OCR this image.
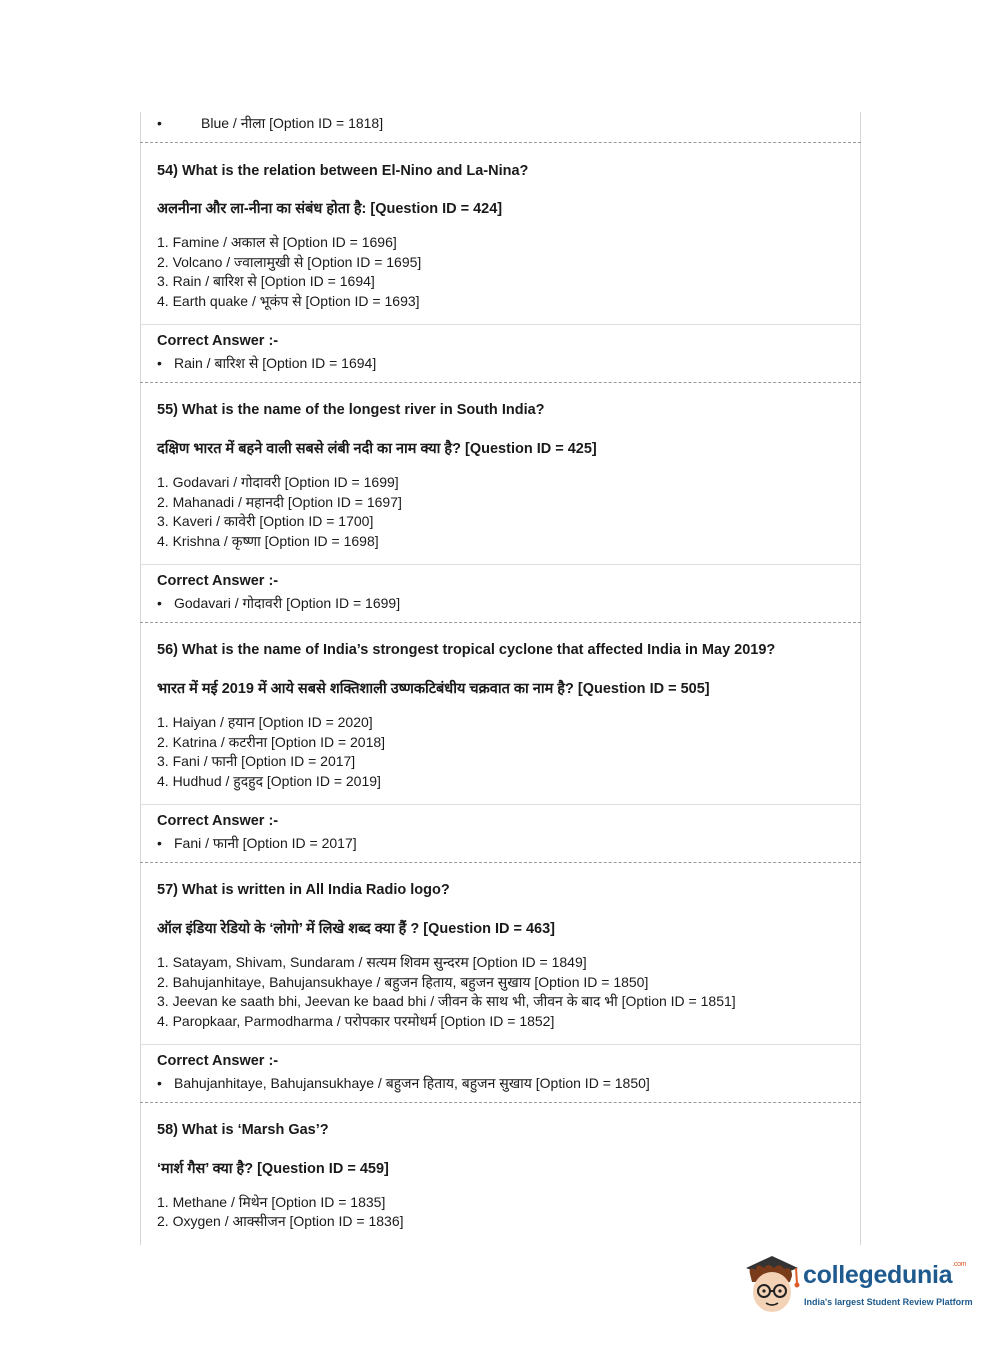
•	Blue / नीला [Option ID = 1818]
54) What is the relation between El-Nino and La-Nina?
अलनीना और ला-नीना का संबंध होता है: [Question ID = 424]
1. Famine / अकाल से [Option ID = 1696]
2. Volcano / ज्वालामुखी से [Option ID = 1695]
3. Rain / बारिश से [Option ID = 1694]
4. Earth quake / भूकंप से [Option ID = 1693]
Correct Answer :-
• Rain / बारिश से [Option ID = 1694]
55) What is the name of the longest river in South India?
दक्षिण भारत में बहने वाली सबसे लंबी नदी का नाम क्या है? [Question ID = 425]
1. Godavari / गोदावरी [Option ID = 1699]
2. Mahanadi / महानदी [Option ID = 1697]
3. Kaveri / कावेरी [Option ID = 1700]
4. Krishna / कृष्णा [Option ID = 1698]
Correct Answer :-
• Godavari / गोदावरी [Option ID = 1699]
56) What is the name of India’s strongest tropical cyclone that affected India in May 2019?
भारत में मई 2019 में आये सबसे शक्तिशाली उष्णकटिबंधीय चक्रवात का नाम है? [Question ID = 505]
1. Haiyan / हयान [Option ID = 2020]
2. Katrina / कटरीना [Option ID = 2018]
3. Fani / फानी [Option ID = 2017]
4. Hudhud / हुदहुद [Option ID = 2019]
Correct Answer :-
• Fani / फानी [Option ID = 2017]
57) What is written in All India Radio logo?
ऑल इंडिया रेडियो के ‘लोगो’ में लिखे शब्द क्या हैं ? [Question ID = 463]
1. Satayam, Shivam, Sundaram / सत्यम शिवम सुन्दरम [Option ID = 1849]
2. Bahujanhitaye, Bahujansukhaye / बहुजन हिताय, बहुजन सुखाय [Option ID = 1850]
3. Jeevan ke saath bhi, Jeevan ke baad bhi / जीवन के साथ भी, जीवन के बाद भी [Option ID = 1851]
4. Paropkaar, Parmodharma / परोपकार परमोधर्म [Option ID = 1852]
Correct Answer :-
• Bahujanhitaye, Bahujansukhaye / बहुजन हिताय, बहुजन सुखाय [Option ID = 1850]
58) What is ‘Marsh Gas’?
‘मार्श गैस’ क्या है? [Question ID = 459]
1. Methane / मिथेन [Option ID = 1835]
2. Oxygen / आक्सीजन [Option ID = 1836]
collegedunia$^{.com}$
India's largest Student Review Platform
